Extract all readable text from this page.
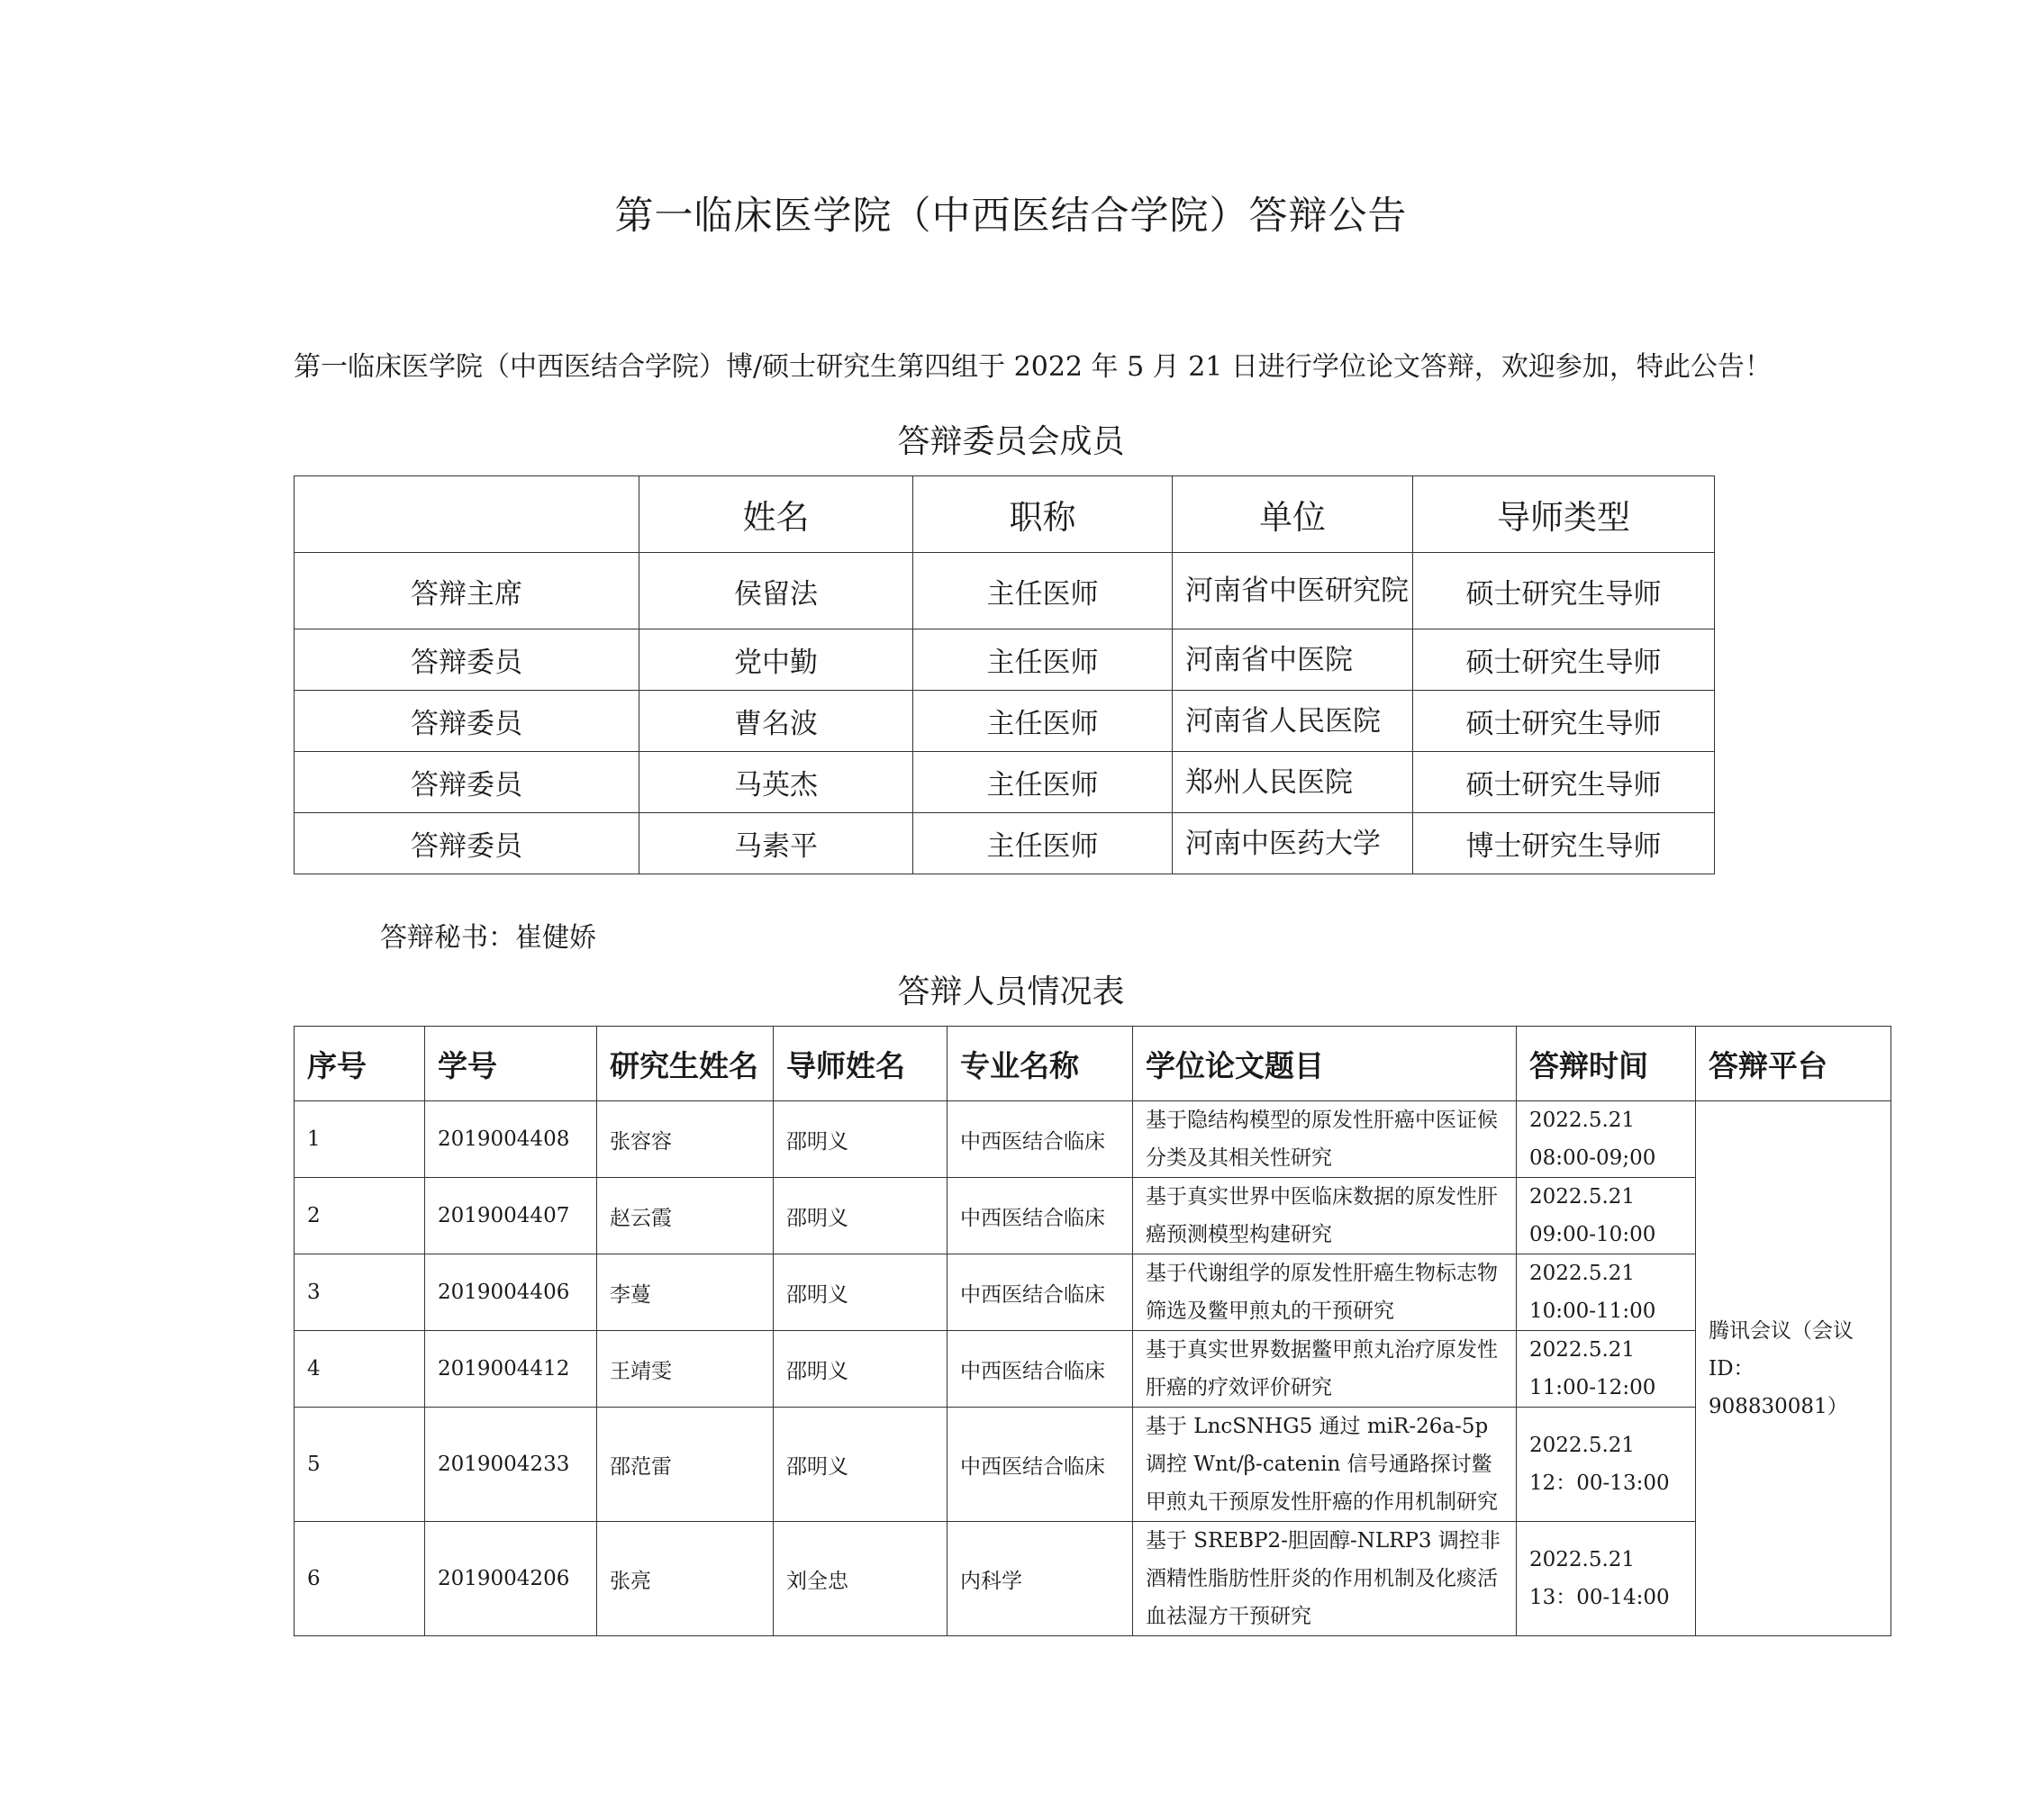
第一临床医学院（中西医结合学院）答辩公告
第一临床医学院（中西医结合学院）博/硕士研究生第四组于 2022 年 5 月 21 日进行学位论文答辩，欢迎参加，特此公告！
答辩委员会成员
	姓名	职称	单位	导师类型
答辩主席	侯留法	主任医师	河南省中医研究院	硕士研究生导师
答辩委员	党中勤	主任医师	河南省中医院	硕士研究生导师
答辩委员	曹名波	主任医师	河南省人民医院	硕士研究生导师
答辩委员	马英杰	主任医师	郑州人民医院	硕士研究生导师
答辩委员	马素平	主任医师	河南中医药大学	博士研究生导师
答辩秘书：崔健娇
答辩人员情况表
序号	学号	研究生姓名	导师姓名	专业名称	学位论文题目	答辩时间	答辩平台
1	2019004408	张容容	邵明义	中西医结合临床	基于隐结构模型的原发性肝癌中医证候分类及其相关性研究	2022.5.21
08:00-09;00	腾讯会议（会议 ID：908830081）
2	2019004407	赵云霞	邵明义	中西医结合临床	基于真实世界中医临床数据的原发性肝癌预测模型构建研究	2022.5.21
09:00-10:00	

3	2019004406	李蔓	邵明义	中西医结合临床	基于代谢组学的原发性肝癌生物标志物筛选及鳖甲煎丸的干预研究	2022.5.21
10:00-11:00	

4	2019004412	王靖雯	邵明义	中西医结合临床	基于真实世界数据鳖甲煎丸治疗原发性肝癌的疗效评价研究	2022.5.21
11:00-12:00	

5	2019004233	邵范雷	邵明义	中西医结合临床	基于 LncSNHG5 通过 miR-26a-5p 调控 Wnt/β-catenin 信号通路探讨鳖甲煎丸干预原发性肝癌的作用机制研究	2022.5.21
12：00-13:00	

6	2019004206	张亮	刘全忠	内科学	基于 SREBP2-胆固醇-NLRP3 调控非酒精性脂肪性肝炎的作用机制及化痰活血祛湿方干预研究	2022.5.21
13：00-14:00	
